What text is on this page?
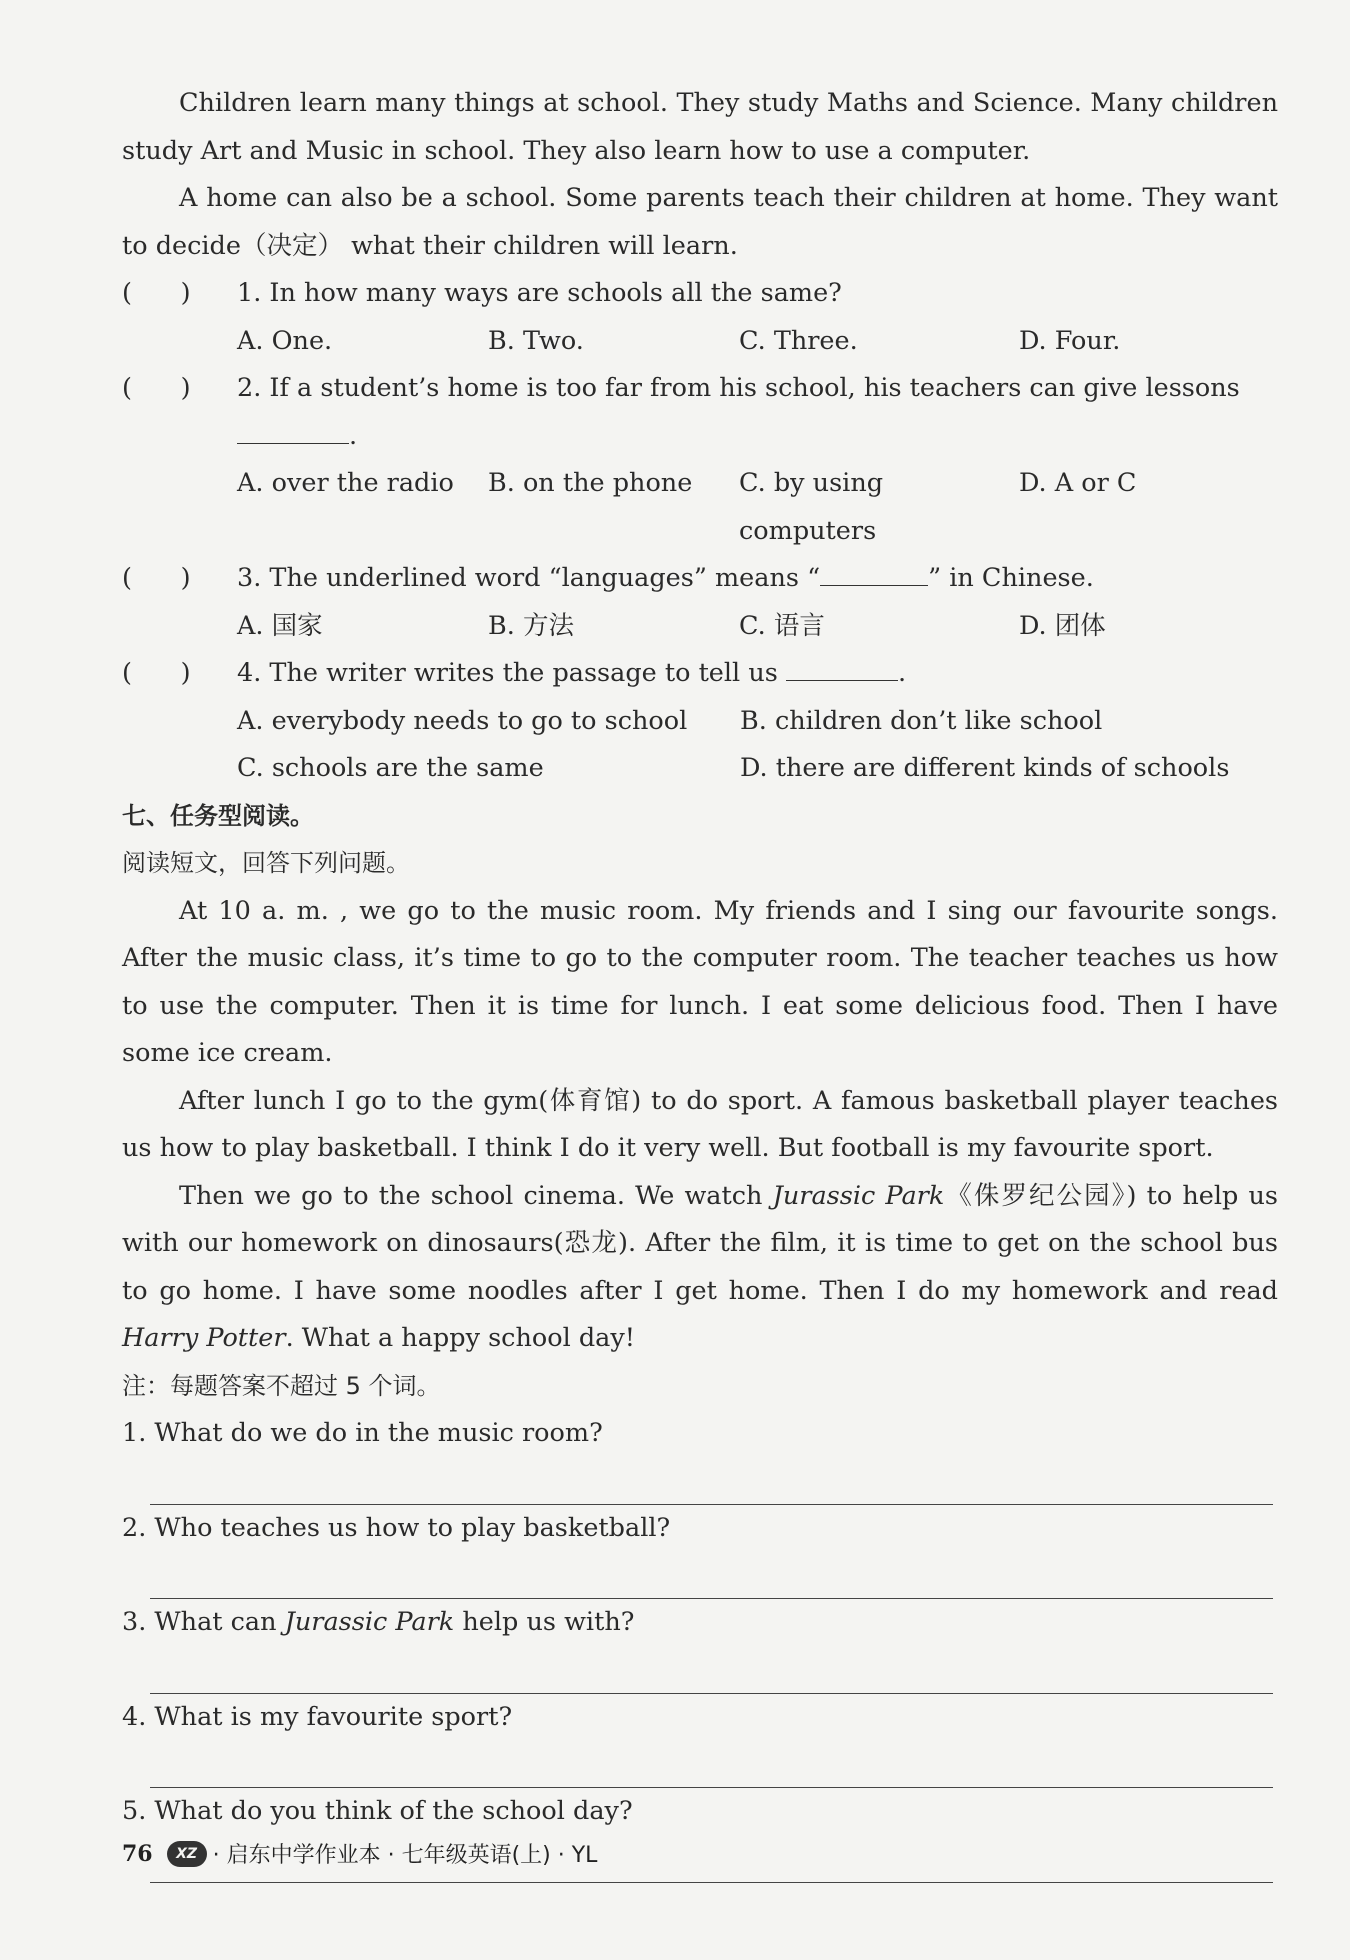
Children learn many things at school. They study Maths and Science. Many children study Art and Music in school. They also learn how to use a computer.

A home can also be a school. Some parents teach their children at home. They want to decide（决定） what their children will learn.

(      )	1. In how many ways are schools all the same?
A. One.	B. Two.	C. Three.	D. Four.
(      )	2. If a student’s home is too far from his school, his teachers can give lessons .
A. over the radio	B. on the phone	C. by using computers
D. A or C
(      )	3. The underlined word “languages” means “	” in Chinese.
A. 国家	B. 方法	C. 语言	D. 团体
(      )	4. The writer writes the passage to tell us	.
A. everybody needs to go to school	B. children don’t like school
C. schools are the same	D. there are different kinds of schools

七、任务型阅读。

阅读短文，回答下列问题。

At 10 a. m. , we go to the music room. My friends and I sing our favourite songs. After the music class, it’s time to go to the computer room. The teacher teaches us how to use the computer. Then it is time for lunch. I eat some delicious food. Then I have some ice cream.

After lunch I go to the gym(体育馆) to do sport. A famous basketball player teaches us how to play basketball. I think I do it very well. But football is my favourite sport.

Then we go to the school cinema. We watch Jurassic Park《侏罗纪公园》) to help us with our homework on dinosaurs(恐龙). After the film, it is time to get on the school bus to go home. I have some noodles after I get home. Then I do my homework and read Harry Potter. What a happy school day!

注：每题答案不超过 5 个词。

1. What do we do in the music room?

2. Who teaches us how to play basketball?

3. What can Jurassic Park help us with?

4. What is my favourite sport?

5. What do you think of the school day?

76	XZ · 启东中学作业本 · 七年级英语(上) · YL
